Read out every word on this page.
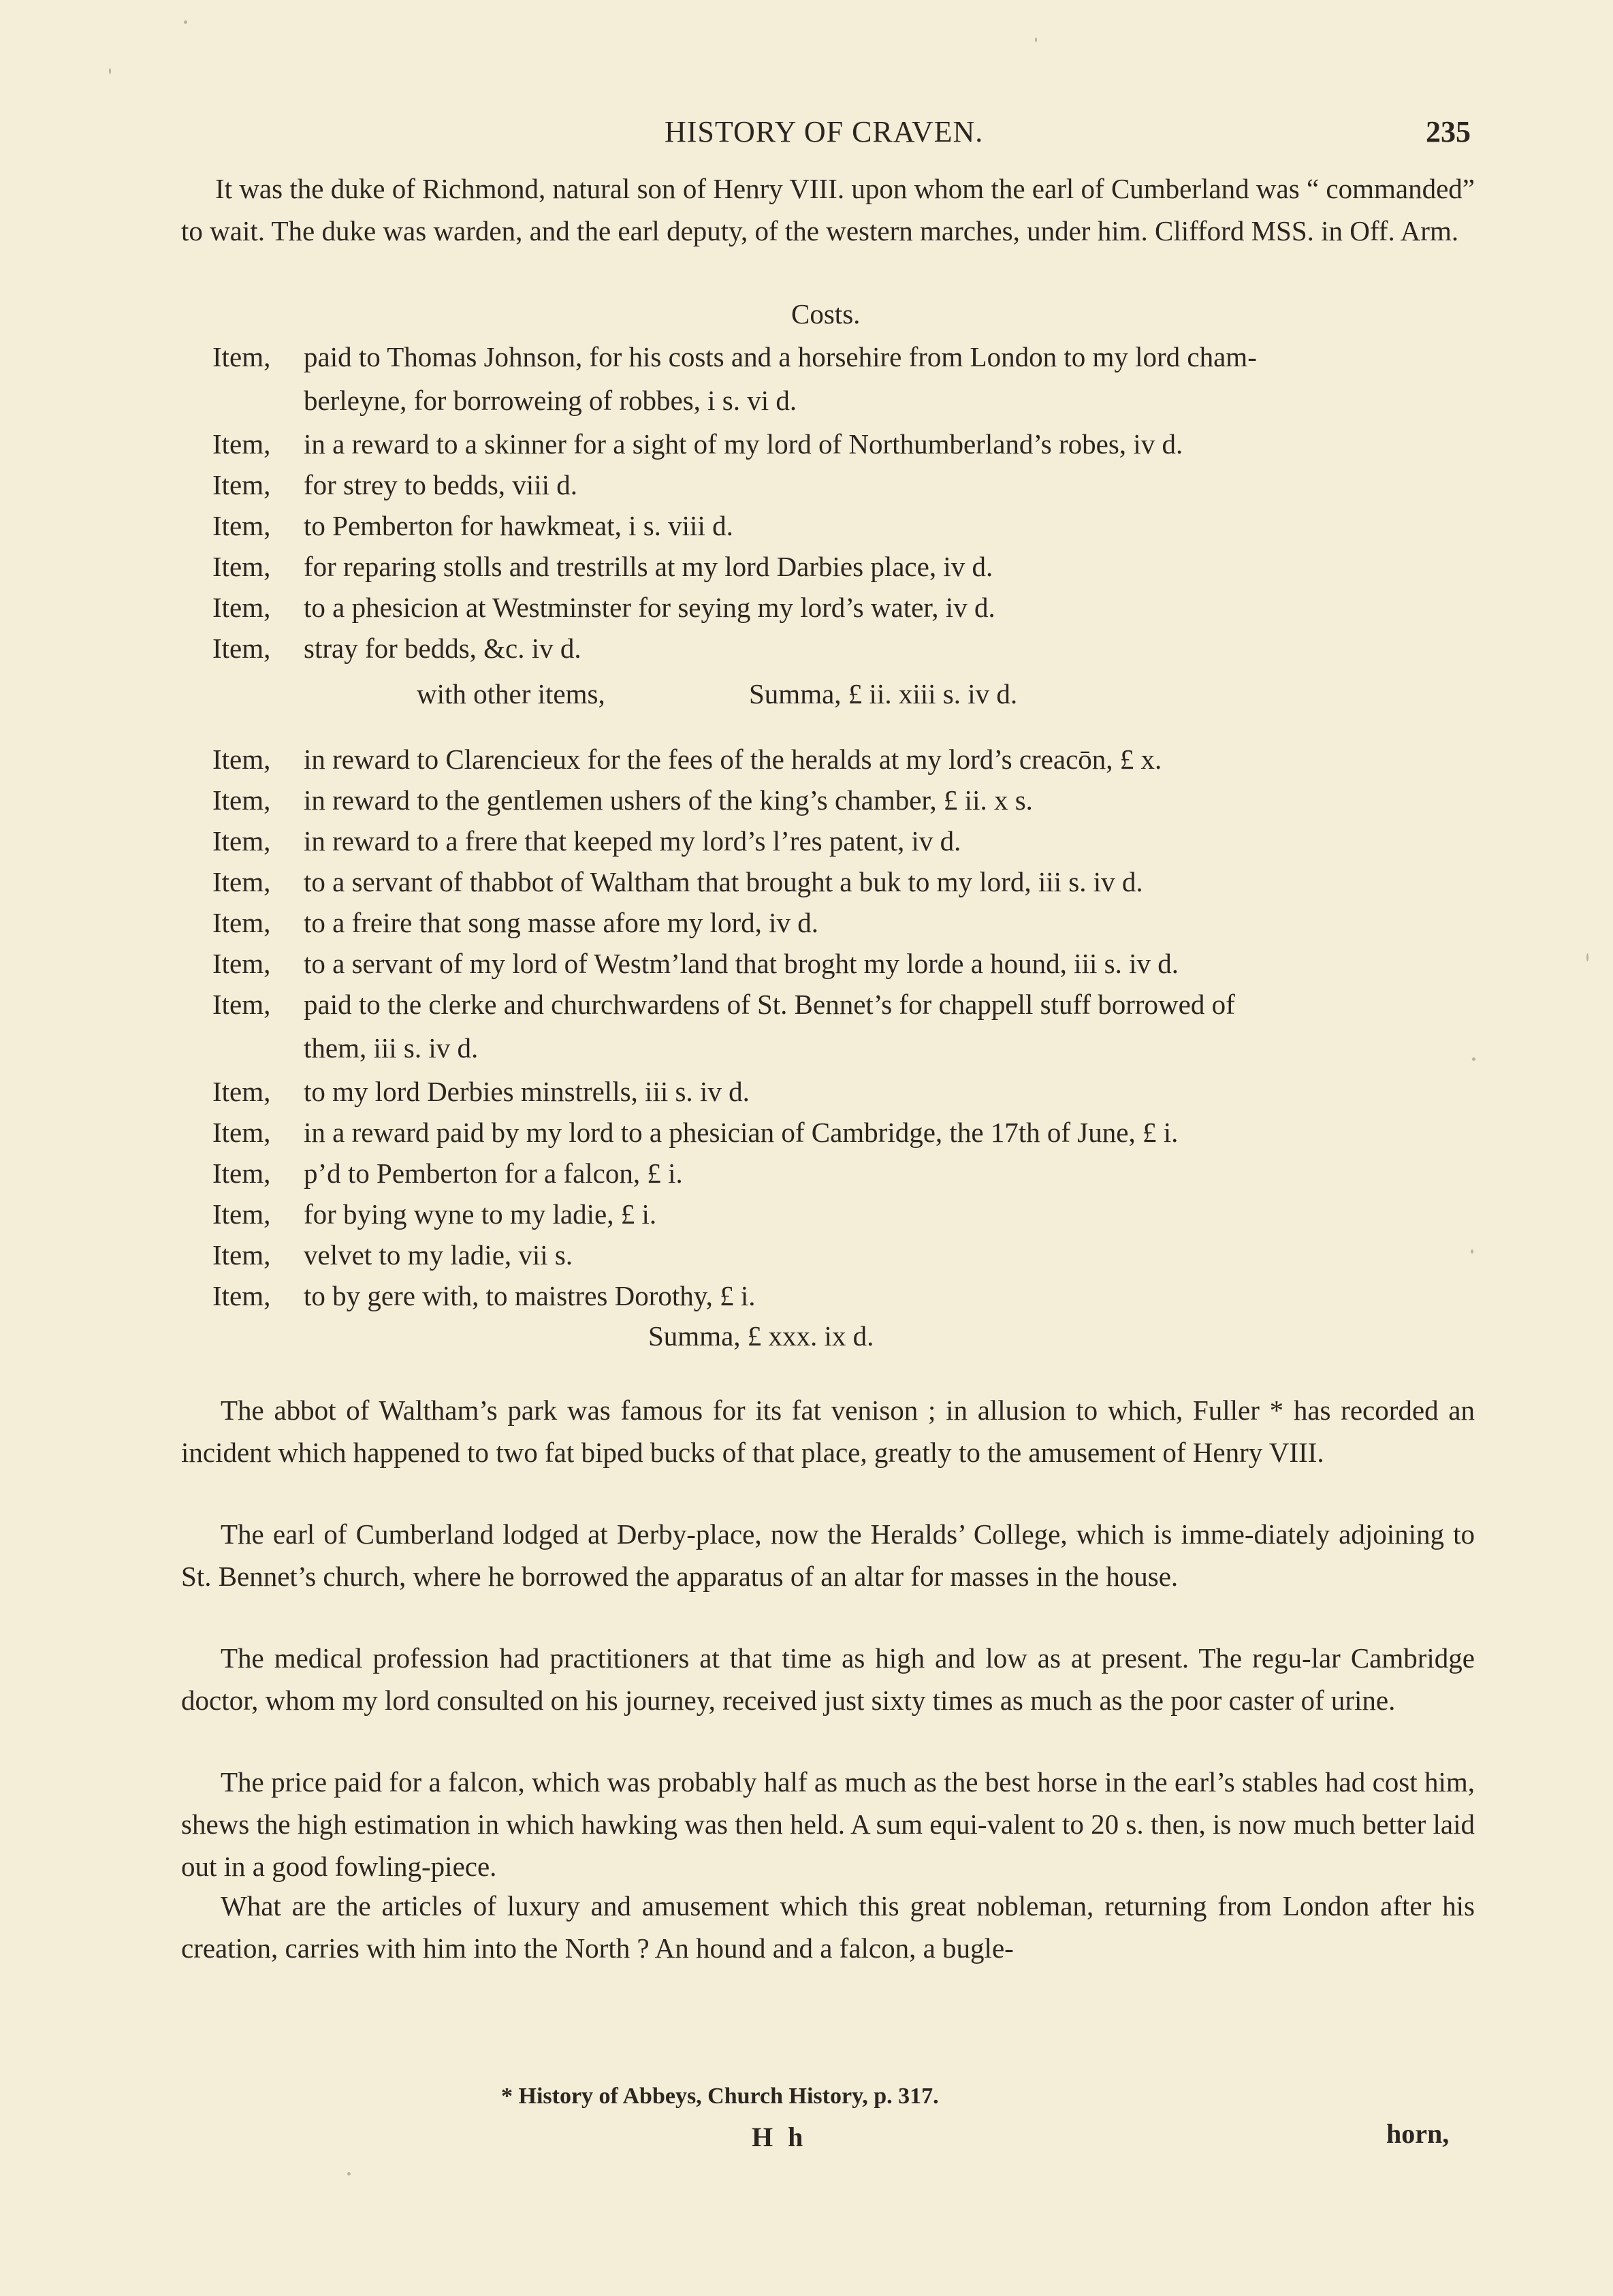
HISTORY OF CRAVEN.	235
It was the duke of Richmond, natural son of Henry VIII. upon whom the earl of Cumberland was “ commanded” to wait. The duke was warden, and the earl deputy, of the western marches, under him. Clifford MSS. in Off. Arm.
Costs.
Item, paid to Thomas Johnson, for his costs and a horsehire from London to my lord cham-
berleyne, for borroweing of robbes, i s. vi d.
Item, in a reward to a skinner for a sight of my lord of Northumberland’s robes, iv d.
Item, for strey to bedds, viii d.
Item, to Pemberton for hawkmeat, i s. viii d.
Item, for reparing stolls and trestrills at my lord Darbies place, iv d.
Item, to a phesicion at Westminster for seying my lord’s water, iv d.
Item, stray for bedds, &c. iv d.
with other items,	Summa, £ ii. xiii s. iv d.
Item, in reward to Clarencieux for the fees of the heralds at my lord’s creacōn, £ x.
Item, in reward to the gentlemen ushers of the king’s chamber, £ ii. x s.
Item, in reward to a frere that keeped my lord’s l’res patent, iv d.
Item, to a servant of thabbot of Waltham that brought a buk to my lord, iii s. iv d.
Item, to a freire that song masse afore my lord, iv d.
Item, to a servant of my lord of Westm’land that broght my lorde a hound, iii s. iv d.
Item, paid to the clerke and churchwardens of St. Bennet’s for chappell stuff borrowed of
them, iii s. iv d.
Item, to my lord Derbies minstrells, iii s. iv d.
Item, in a reward paid by my lord to a phesician of Cambridge, the 17th of June, £ i.
Item, p’d to Pemberton for a falcon, £ i.
Item, for bying wyne to my ladie, £ i.
Item, velvet to my ladie, vii s.
Item, to by gere with, to maistres Dorothy, £ i.
Summa, £ xxx. ix d.
The abbot of Waltham’s park was famous for its fat venison ; in allusion to which, Fuller * has recorded an incident which happened to two fat biped bucks of that place, greatly to the amusement of Henry VIII.
The earl of Cumberland lodged at Derby-place, now the Heralds’ College, which is imme-diately adjoining to St. Bennet’s church, where he borrowed the apparatus of an altar for masses in the house.
The medical profession had practitioners at that time as high and low as at present. The regu-lar Cambridge doctor, whom my lord consulted on his journey, received just sixty times as much as the poor caster of urine.
The price paid for a falcon, which was probably half as much as the best horse in the earl’s stables had cost him, shews the high estimation in which hawking was then held. A sum equi-valent to 20 s. then, is now much better laid out in a good fowling-piece.
What are the articles of luxury and amusement which this great nobleman, returning from London after his creation, carries with him into the North ? An hound and a falcon, a bugle-
* History of Abbeys, Church History, p. 317.
H h	horn,
